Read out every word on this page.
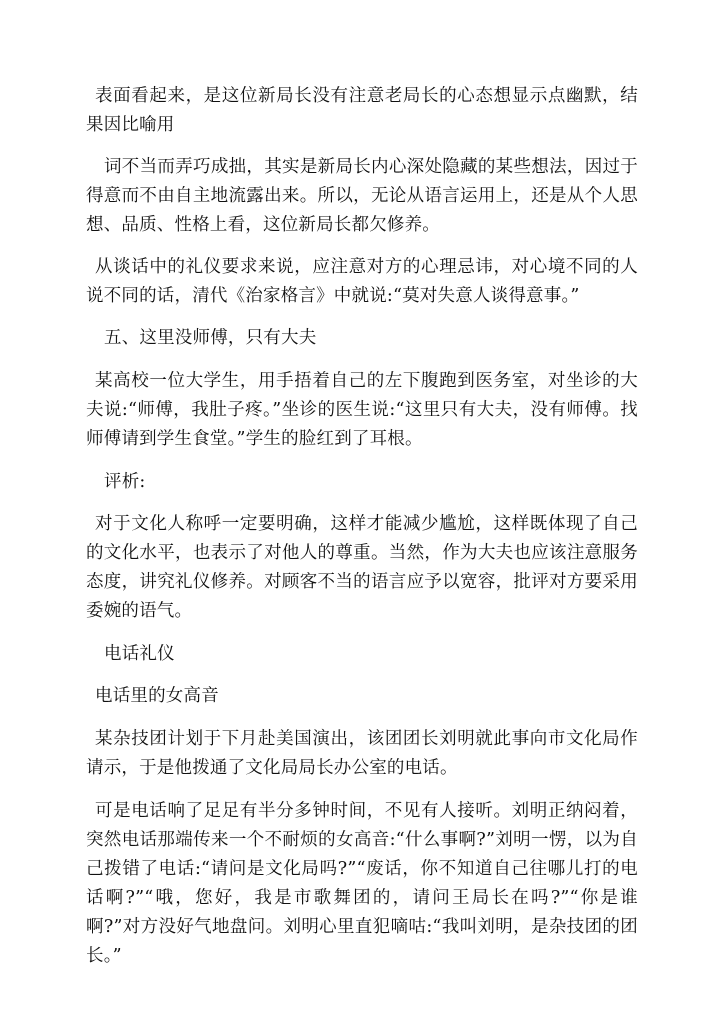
表面看起来，是这位新局长没有注意老局长的心态想显示点幽默，结果因比喻用

词不当而弄巧成拙，其实是新局长内心深处隐藏的某些想法，因过于得意而不由自主地流露出来。所以，无论从语言运用上，还是从个人思想、品质、性格上看，这位新局长都欠修养。

从谈话中的礼仪要求来说，应注意对方的心理忌讳，对心境不同的人说不同的话，清代《治家格言》中就说:“莫对失意人谈得意事。”

五、这里没师傅，只有大夫

某高校一位大学生，用手捂着自己的左下腹跑到医务室，对坐诊的大夫说:“师傅，我肚子疼。”坐诊的医生说:“这里只有大夫，没有师傅。找师傅请到学生食堂。”学生的脸红到了耳根。

评析:

对于文化人称呼一定要明确，这样才能减少尴尬，这样既体现了自己的文化水平，也表示了对他人的尊重。当然，作为大夫也应该注意服务态度，讲究礼仪修养。对顾客不当的语言应予以宽容，批评对方要采用委婉的语气。

电话礼仪

电话里的女高音

某杂技团计划于下月赴美国演出，该团团长刘明就此事向市文化局作请示，于是他拨通了文化局局长办公室的电话。

可是电话响了足足有半分多钟时间，不见有人接听。刘明正纳闷着，突然电话那端传来一个不耐烦的女高音:“什么事啊?”刘明一愣，以为自己拨错了电话:“请问是文化局吗?”“废话，你不知道自己往哪儿打的电话啊?”“哦，您好，我是市歌舞团的，请问王局长在吗?”“你是谁啊?”对方没好气地盘问。刘明心里直犯嘀咕:“我叫刘明，是杂技团的团长。”
